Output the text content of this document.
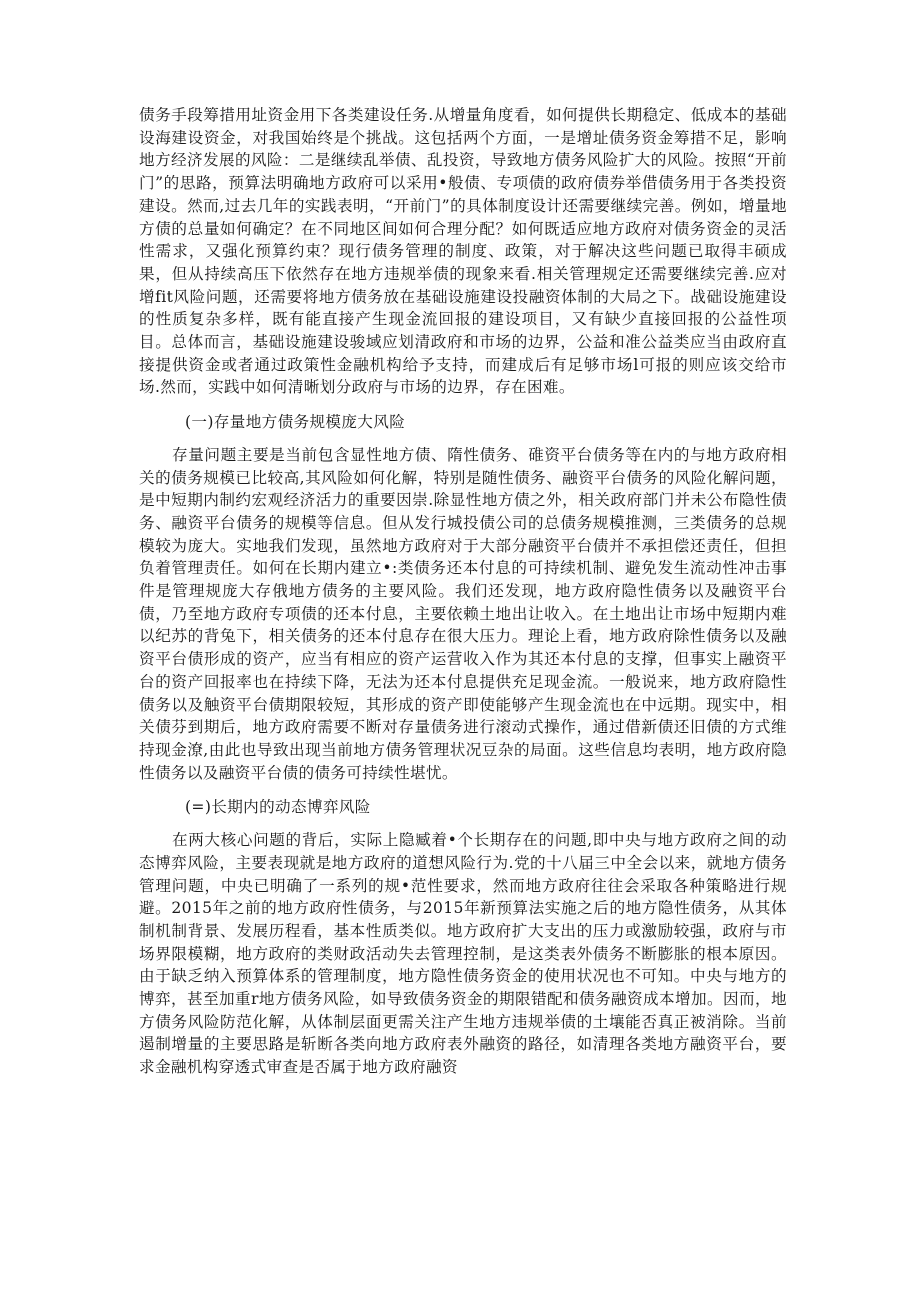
债务手段筹措用址资金用下各类建设任务.从增量角度看，如何提供长期稳定、低成本的基础设海建设资金，对我国始终是个挑战。这包括两个方面，一是增址债务资金筹措不足，影响地方经济发展的风险：二是继续乱举债、乱投资，导致地方债务风险扩大的风险。按照“开前门”的思路，预算法明确地方政府可以采用•般债、专项债的政府债券举借债务用于各类投资建设。然而,过去几年的实践表明，“开前门”的具体制度设计还需要继续完善。例如，增量地方债的总量如何确定？在不同地区间如何合理分配？如何既适应地方政府对债务资金的灵活性需求，又强化预算约束？现行债务管理的制度、政策，对于解决这些问题已取得丰硕成果，但从持续高压下依然存在地方违规举债的现象来看.相关管理规定还需要继续完善.应对增fit风险问题，还需要将地方债务放在基础设施建设投融资体制的大局之下。战础设施建设的性质复杂多样，既有能直接产生现金流回报的建设项目，又有缺少直接回报的公益性项目。总体而言，基础设施建设骏域应划清政府和市场的边界，公益和准公益类应当由政府直接提供资金或者通过政策性金融机构给予支持，而建成后有足够市场l可报的则应该交给市场.然而，实践中如何清晰划分政府与市场的边界，存在困难。

(一)存量地方债务规模庞大风险

存量问题主要是当前包含显性地方债、隋性债务、碓资平台债务等在内的与地方政府相关的债务规模已比较高,其风险如何化解，特别是随性债务、融资平台债务的风险化解问题，是中短期内制约宏观经济活力的重要因崇.除显性地方债之外，相关政府部门并未公布隐性债务、融资平台债务的规模等信息。但从发行城投债公司的总债务规模推测，三类债务的总规模较为庞大。实地我们发现，虽然地方政府对于大部分融资平台债并不承担偿还责任，但担负着管理责任。如何在长期内建立•:类债务还本付息的可持续机制、避免发生流动性冲击事件是管理规庞大存俄地方债务的主要风险。我们还发现，地方政府隐性债务以及融资平台债，乃至地方政府专项债的还本付息，主要依赖土地出让收入。在土地出让市场中短期内难以纪苏的背兔下，相关债务的还本付息存在很大压力。理论上看，地方政府除性债务以及融资平台债形成的资产，应当有相应的资产运营收入作为其还本付息的支撑，但事实上融资平台的资产回报率也在持续下降，无法为还本付息提供充足现金流。一般说来，地方政府隐性债务以及触资平台债期限较短，其形成的资产即使能够产生现金流也在中远期。现实中，相关债芬到期后，地方政府需要不断对存量债务进行滚动式操作，通过借新债还旧债的方式维持现金潦,由此也导致出现当前地方债务管理状况豆杂的局面。这些信息均表明，地方政府隐性债务以及融资平台债的债务可持续性堪忧。

(=)长期内的动态博弈风险

在两大核心问题的背后，实际上隐臧着•个长期存在的问题,即中央与地方政府之间的动态博弈风险，主要表现就是地方政府的道想风险行为.党的十八届三中全会以来，就地方债务管理问题，中央已明确了一系列的规•范性要求，然而地方政府往往会采取各种策略进行规避。2015年之前的地方政府性债务，与2015年新预算法实施之后的地方隐性债务，从其体制机制背景、发展历程看，基本性质类似。地方政府扩大支出的压力或激励较强，政府与市场界限模糊，地方政府的类财政活动失去管理控制，是这类表外债务不断膨胀的根本原因。由于缺乏纳入预算体系的管理制度，地方隐性债务资金的使用状况也不可知。中央与地方的博弈，甚至加重r地方债务风险，如导致债务资金的期限错配和债务融资成本增加。因而，地方债务风险防范化解，从体制层面更需关注产生地方违规举债的土壤能否真正被消除。当前遏制增量的主要思路是斩断各类向地方政府表外融资的路径，如清理各类地方融资平台，要求金融机构穿透式审查是否属于地方政府融资
